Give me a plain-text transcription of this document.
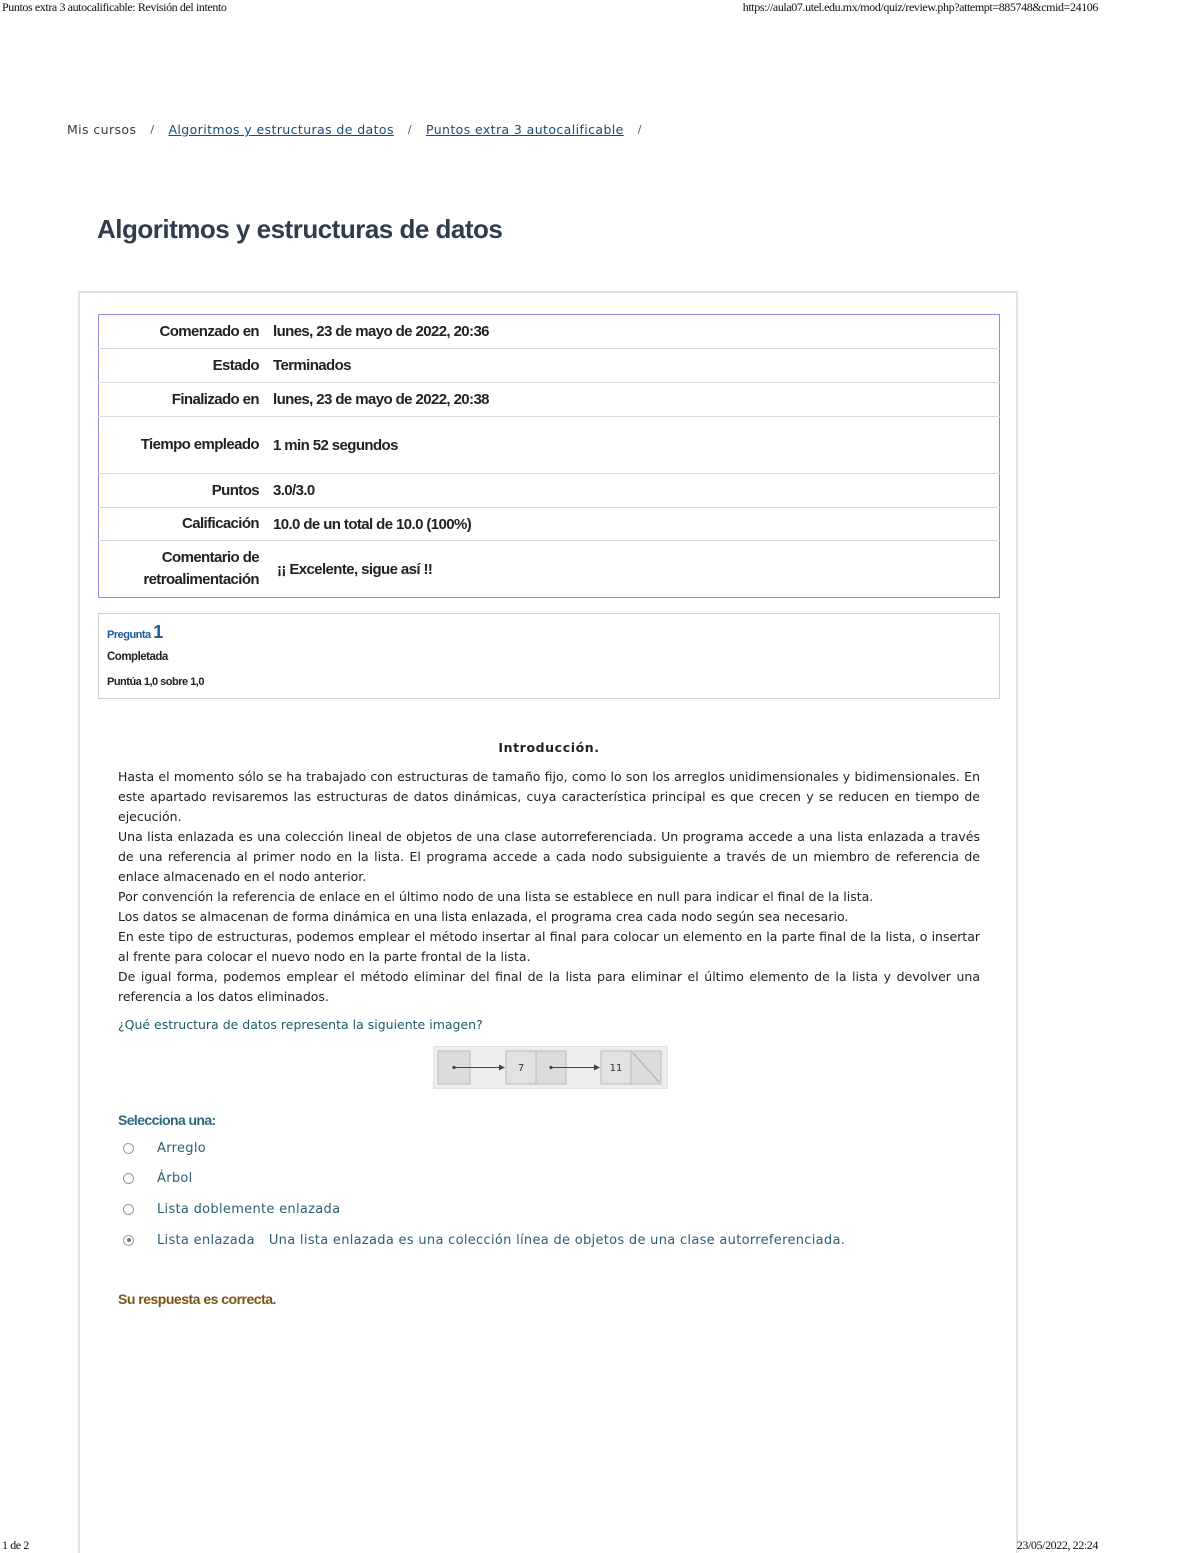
Puntos extra 3 autocalificable: Revisión del intento	https://aula07.utel.edu.mx/mod/quiz/review.php?attempt=885748&cmid=24106
Mis cursos / Algoritmos y estructuras de datos / Puntos extra 3 autocalificable /
Algoritmos y estructuras de datos
Comenzado en	lunes, 23 de mayo de 2022, 20:36
Estado	Terminados
Finalizado en	lunes, 23 de mayo de 2022, 20:38
Tiempo empleado	1 min 52 segundos
Puntos	3.0/3.0
Calificación	10.0 de un total de 10.0 (100%)
Comentario de retroalimentación	¡¡ Excelente, sigue así !!
Pregunta 1
Completada
Puntúa 1,0 sobre 1,0
Introducción.

Hasta el momento sólo se ha trabajado con estructuras de tamaño fijo, como lo son los arreglos unidimensionales y bidimensionales. En este apartado revisaremos las estructuras de datos dinámicas, cuya característica principal es que crecen y se reducen en tiempo de ejecución.

Una lista enlazada es una colección lineal de objetos de una clase autorreferenciada. Un programa accede a una lista enlazada a través de una referencia al primer nodo en la lista. El programa accede a cada nodo subsiguiente a través de un miembro de referencia de enlace almacenado en el nodo anterior.

Por convención la referencia de enlace en el último nodo de una lista se establece en null para indicar el final de la lista.

Los datos se almacenan de forma dinámica en una lista enlazada, el programa crea cada nodo según sea necesario.

En este tipo de estructuras, podemos emplear el método insertar al final para colocar un elemento en la parte final de la lista, o insertar al frente para colocar el nuevo nodo en la parte frontal de la lista.

De igual forma, podemos emplear el método eliminar del final de la lista para eliminar el último elemento de la lista y devolver una referencia a los datos eliminados.

¿Qué estructura de datos representa la siguiente imagen?

7	11
Selecciona una:
Arreglo
Árbol
Lista doblemente enlazada
Lista enlazada Una lista enlazada es una colección línea de objetos de una clase autorreferenciada.
Su respuesta es correcta.
1 de 2	23/05/2022, 22:24
